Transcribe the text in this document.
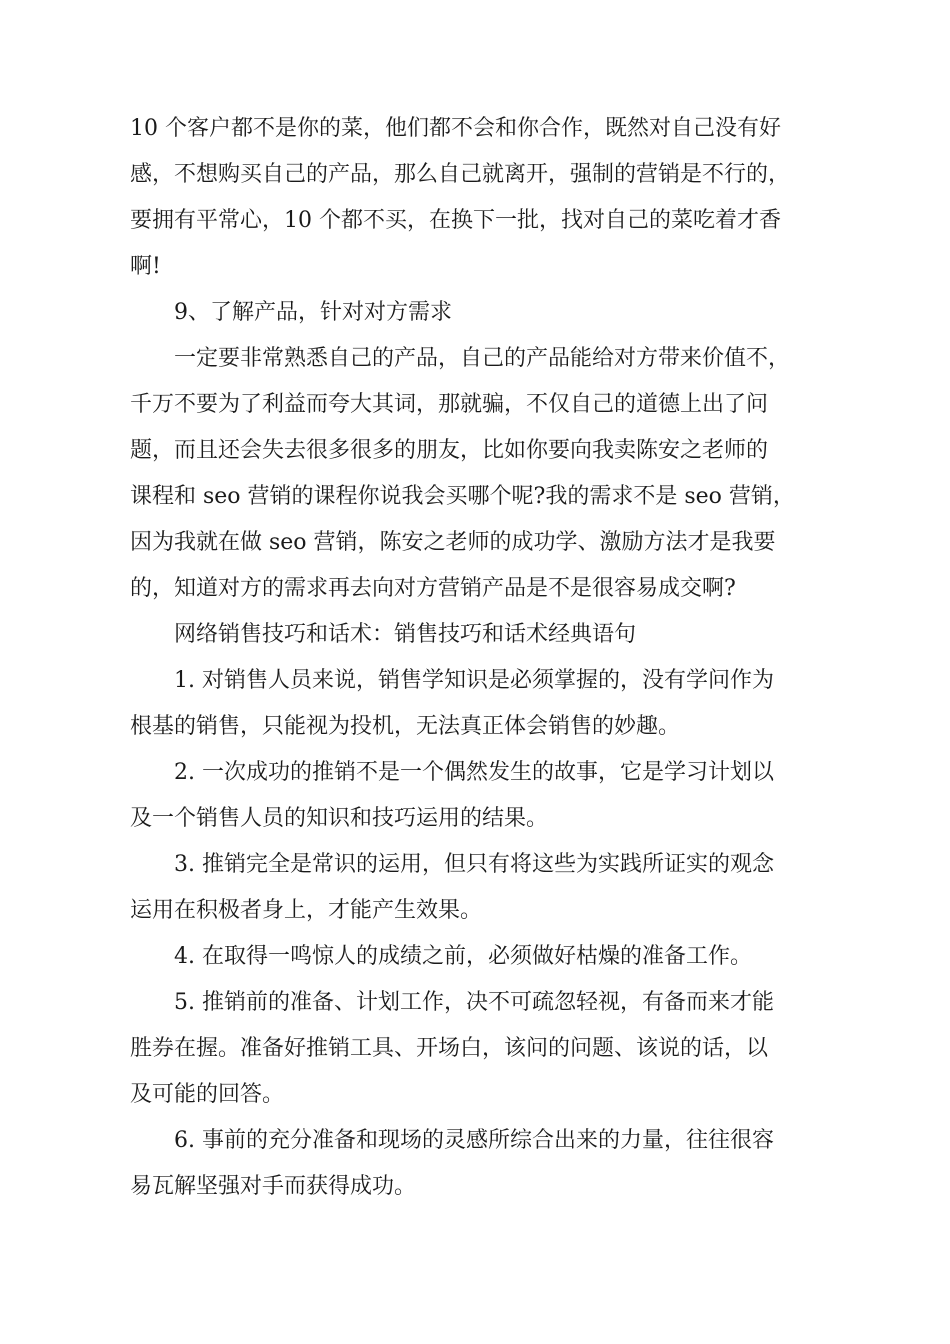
10 个客户都不是你的菜，他们都不会和你合作，既然对自己没有好
感，不想购买自己的产品，那么自己就离开，强制的营销是不行的，
要拥有平常心，10 个都不买，在换下一批，找对自己的菜吃着才香
啊!
9、了解产品，针对对方需求
一定要非常熟悉自己的产品，自己的产品能给对方带来价值不，
千万不要为了利益而夸大其词，那就骗，不仅自己的道德上出了问
题，而且还会失去很多很多的朋友，比如你要向我卖陈安之老师的
课程和 seo 营销的课程你说我会买哪个呢?我的需求不是 seo 营销，
因为我就在做 seo 营销，陈安之老师的成功学、激励方法才是我要
的，知道对方的需求再去向对方营销产品是不是很容易成交啊?
网络销售技巧和话术：销售技巧和话术经典语句
1. 对销售人员来说，销售学知识是必须掌握的，没有学问作为
根基的销售，只能视为投机，无法真正体会销售的妙趣。
2. 一次成功的推销不是一个偶然发生的故事，它是学习计划以
及一个销售人员的知识和技巧运用的结果。
3. 推销完全是常识的运用，但只有将这些为实践所证实的观念
运用在积极者身上，才能产生效果。
4. 在取得一鸣惊人的成绩之前，必须做好枯燥的准备工作。
5. 推销前的准备、计划工作，决不可疏忽轻视，有备而来才能
胜券在握。准备好推销工具、开场白，该问的问题、该说的话，以
及可能的回答。
6. 事前的充分准备和现场的灵感所综合出来的力量，往往很容
易瓦解坚强对手而获得成功。
